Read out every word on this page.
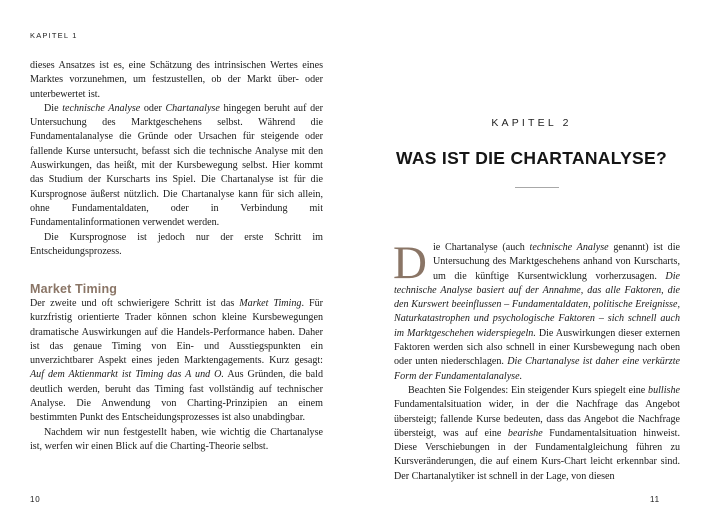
KAPITEL 1

dieses Ansatzes ist es, eine Schätzung des intrinsischen Wertes eines Marktes vorzunehmen, um festzustellen, ob der Markt über- oder unterbewertet ist.

Die technische Analyse oder Chartanalyse hingegen beruht auf der Untersuchung des Marktgeschehens selbst. Während die Fundamentalanalyse die Gründe oder Ursachen für steigende oder fallende Kurse untersucht, befasst sich die technische Analyse mit den Auswirkungen, das heißt, mit der Kursbewegung selbst. Hier kommt das Studium der Kurscharts ins Spiel. Die Chartanalyse ist für die Kursprognose äußerst nützlich. Die Chartanalyse kann für sich allein, ohne Fundamentaldaten, oder in Verbindung mit Fundamentalinformationen verwendet werden.

Die Kursprognose ist jedoch nur der erste Schritt im Entscheidungsprozess.

Market Timing

Der zweite und oft schwierigere Schritt ist das Market Timing. Für kurzfristig orientierte Trader können schon kleine Kursbewegungen dramatische Auswirkungen auf die Handels-Performance haben. Daher ist das genaue Timing von Ein- und Ausstiegspunkten ein unverzichtbarer Aspekt eines jeden Marktengagements. Kurz gesagt: Auf dem Aktienmarkt ist Timing das A und O. Aus Gründen, die bald deutlich werden, beruht das Timing fast vollständig auf technischer Analyse. Die Anwendung von Charting-Prinzipien an einem bestimmten Punkt des Entscheidungsprozesses ist also unabdingbar.

Nachdem wir nun festgestellt haben, wie wichtig die Chartanalyse ist, werfen wir einen Blick auf die Charting-Theorie selbst.

10
KAPITEL 2
WAS IST DIE CHARTANALYSE?

Die Chartanalyse (auch technische Analyse genannt) ist die Untersuchung des Marktgeschehens anhand von Kurscharts, um die künftige Kursentwicklung vorherzusagen. Die technische Analyse basiert auf der Annahme, das alle Faktoren, die den Kurswert beeinflussen – Fundamentaldaten, politische Ereignisse, Naturkatastrophen und psychologische Faktoren – sich schnell auch im Marktgeschehen widerspiegeln. Die Auswirkungen dieser externen Faktoren werden sich also schnell in einer Kursbewegung nach oben oder unten niederschlagen. Die Chartanalyse ist daher eine verkürzte Form der Fundamentalanalyse.

Beachten Sie Folgendes: Ein steigender Kurs spiegelt eine bullishe Fundamentalsituation wider, in der die Nachfrage das Angebot übersteigt; fallende Kurse bedeuten, dass das Angebot die Nachfrage übersteigt, was auf eine bearishe Fundamentalsituation hinweist. Diese Verschiebungen in der Fundamentalgleichung führen zu Kursveränderungen, die auf einem Kurs-Chart leicht erkennbar sind. Der Chartanalytiker ist schnell in der Lage, von diesen

11
